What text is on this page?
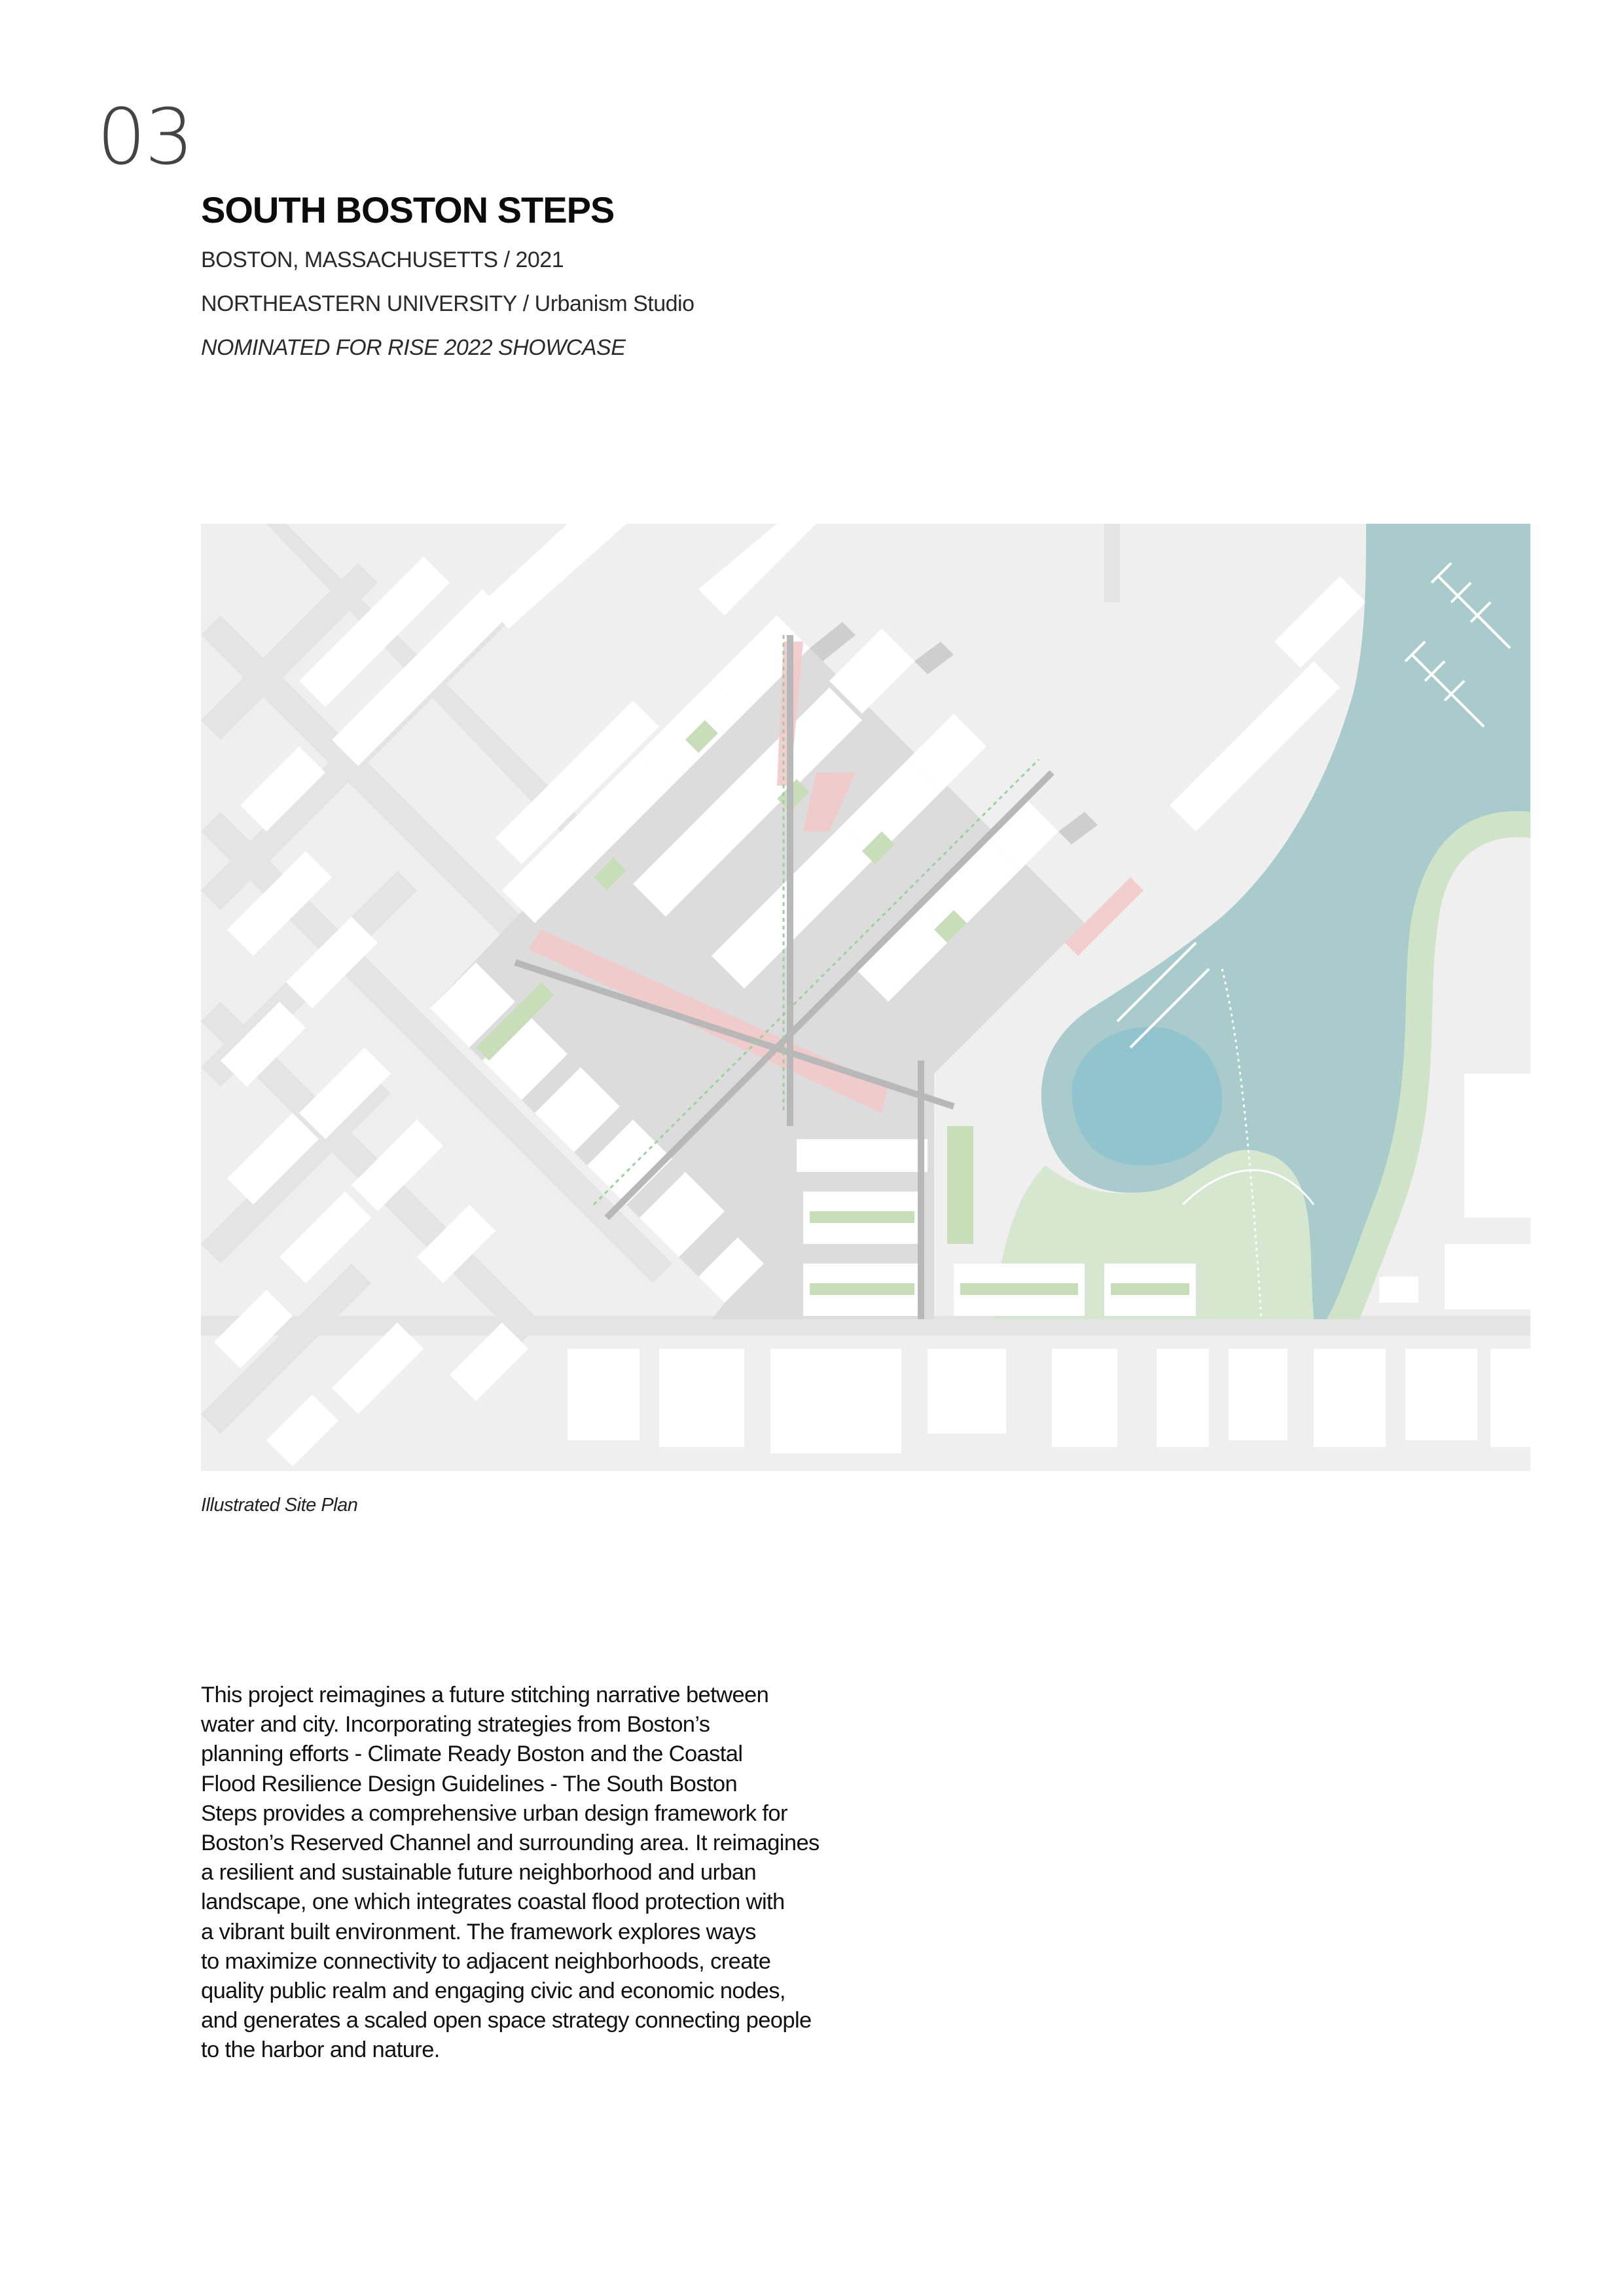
03
SOUTH BOSTON STEPS
BOSTON, MASSACHUSETTS / 2021
NORTHEASTERN UNIVERSITY / Urbanism Studio
NOMINATED FOR RISE 2022 SHOWCASE
Illustrated Site Plan
This project reimagines a future stitching narrative between
water and city. Incorporating strategies from Boston’s
planning efforts - Climate Ready Boston and the Coastal
Flood Resilience Design Guidelines - The South Boston
Steps provides a comprehensive urban design framework for
Boston’s Reserved Channel and surrounding area. It reimagines
a resilient and sustainable future neighborhood and urban
landscape, one which integrates coastal flood protection with
a vibrant built environment. The framework explores ways
to maximize connectivity to adjacent neighborhoods, create
quality public realm and engaging civic and economic nodes,
and generates a scaled open space strategy connecting people
to the harbor and nature.
